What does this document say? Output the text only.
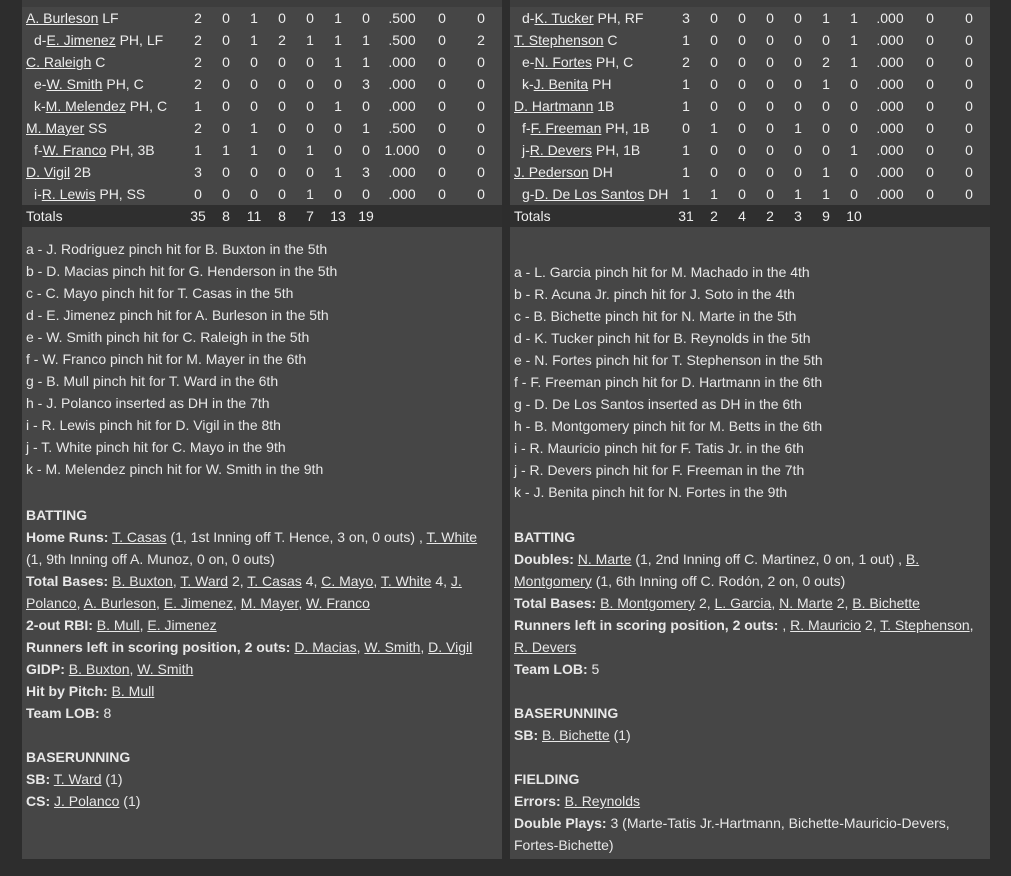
A. Burleson LF	2	0	1	0	0	1	0	.500	0	0
d-E. Jimenez PH, LF	2	0	1	2	1	1	1	.500	0	2
C. Raleigh C	2	0	0	0	0	1	1	.000	0	0
e-W. Smith PH, C	2	0	0	0	0	0	3	.000	0	0
k-M. Melendez PH, C	1	0	0	0	0	1	0	.000	0	0
M. Mayer SS	2	0	1	0	0	0	1	.500	0	0
f-W. Franco PH, 3B	1	1	1	0	1	0	0	1.000	0	0
D. Vigil 2B	3	0	0	0	0	1	3	.000	0	0
i-R. Lewis PH, SS	0	0	0	0	1	0	0	.000	0	0
Totals	35	8	11	8	7	13	19			
a - J. Rodriguez pinch hit for B. Buxton in the 5th
b - D. Macias pinch hit for G. Henderson in the 5th
c - C. Mayo pinch hit for T. Casas in the 5th
d - E. Jimenez pinch hit for A. Burleson in the 5th
e - W. Smith pinch hit for C. Raleigh in the 5th
f - W. Franco pinch hit for M. Mayer in the 6th
g - B. Mull pinch hit for T. Ward in the 6th
h - J. Polanco inserted as DH in the 7th
i - R. Lewis pinch hit for D. Vigil in the 8th
j - T. White pinch hit for C. Mayo in the 9th
k - M. Melendez pinch hit for W. Smith in the 9th
BATTING
Home Runs: T. Casas (1, 1st Inning off T. Hence, 3 on, 0 outs) , T. White (1, 9th Inning off A. Munoz, 0 on, 0 outs)
Total Bases: B. Buxton, T. Ward 2, T. Casas 4, C. Mayo, T. White 4, J. Polanco, A. Burleson, E. Jimenez, M. Mayer, W. Franco
2-out RBI: B. Mull, E. Jimenez
Runners left in scoring position, 2 outs: D. Macias, W. Smith, D. Vigil
GIDP: B. Buxton, W. Smith
Hit by Pitch: B. Mull
Team LOB: 8
BASERUNNING
SB: T. Ward (1)
CS: J. Polanco (1)
d-K. Tucker PH, RF	3	0	0	0	0	1	1	.000	0	0
T. Stephenson C	1	0	0	0	0	0	1	.000	0	0
e-N. Fortes PH, C	2	0	0	0	0	2	1	.000	0	0
k-J. Benita PH	1	0	0	0	0	1	0	.000	0	0
D. Hartmann 1B	1	0	0	0	0	0	0	.000	0	0
f-F. Freeman PH, 1B	0	1	0	0	1	0	0	.000	0	0
j-R. Devers PH, 1B	1	0	0	0	0	0	1	.000	0	0
J. Pederson DH	1	0	0	0	0	1	0	.000	0	0
g-D. De Los Santos DH	1	1	0	0	1	1	0	.000	0	0
Totals	31	2	4	2	3	9	10			
a - L. Garcia pinch hit for M. Machado in the 4th
b - R. Acuna Jr. pinch hit for J. Soto in the 4th
c - B. Bichette pinch hit for N. Marte in the 5th
d - K. Tucker pinch hit for B. Reynolds in the 5th
e - N. Fortes pinch hit for T. Stephenson in the 5th
f - F. Freeman pinch hit for D. Hartmann in the 6th
g - D. De Los Santos inserted as DH in the 6th
h - B. Montgomery pinch hit for M. Betts in the 6th
i - R. Mauricio pinch hit for F. Tatis Jr. in the 6th
j - R. Devers pinch hit for F. Freeman in the 7th
k - J. Benita pinch hit for N. Fortes in the 9th
BATTING
Doubles: N. Marte (1, 2nd Inning off C. Martinez, 0 on, 1 out) , B. Montgomery (1, 6th Inning off C. Rodón, 2 on, 0 outs)
Total Bases: B. Montgomery 2, L. Garcia, N. Marte 2, B. Bichette
Runners left in scoring position, 2 outs: , R. Mauricio 2, T. Stephenson, R. Devers
Team LOB: 5
BASERUNNING
SB: B. Bichette (1)
FIELDING
Errors: B. Reynolds
Double Plays: 3 (Marte-Tatis Jr.-Hartmann, Bichette-Mauricio-Devers, Fortes-Bichette)
